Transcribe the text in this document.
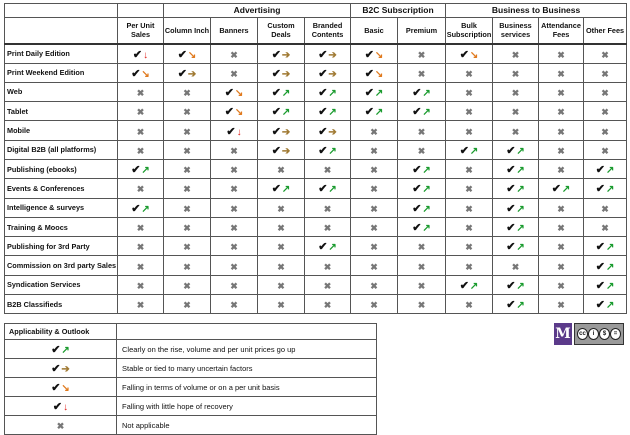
		Advertising				B2C Subscription		Business to Business			
	Per Unit Sales	Column Inch	Banners	Custom Deals	Branded Contents	Basic	Premium	Bulk Subscription	Business services	Attendance Fees	Other Fees
Print Daily Edition	✔↓	✔↘	✖	✔➔	✔➔	✔↘	✖	✔↘	✖	✖	✖
Print Weekend Edition	✔↘	✔➔	✖	✔➔	✔➔	✔↘	✖	✖	✖	✖	✖
Web	✖	✖	✔↘	✔↗	✔↗	✔↗	✔↗	✖	✖	✖	✖
Tablet	✖	✖	✔↘	✔↗	✔↗	✔↗	✔↗	✖	✖	✖	✖
Mobile	✖	✖	✔↓	✔➔	✔➔	✖	✖	✖	✖	✖	✖
Digital B2B (all platforms)	✖	✖	✖	✔➔	✔↗	✖	✖	✔↗	✔↗	✖	✖
Publishing (ebooks)	✔↗	✖	✖	✖	✖	✖	✔↗	✖	✔↗	✖	✔↗
Events & Conferences	✖	✖	✖	✔↗	✔↗	✖	✔↗	✖	✔↗	✔↗	✔↗
Intelligence & surveys	✔↗	✖	✖	✖	✖	✖	✔↗	✖	✔↗	✖	✖
Training & Moocs	✖	✖	✖	✖	✖	✖	✔↗	✖	✔↗	✖	✖
Publishing for 3rd Party	✖	✖	✖	✖	✔↗	✖	✖	✖	✔↗	✖	✔↗
Commission on 3rd party Sales	✖	✖	✖	✖	✖	✖	✖	✖	✖	✖	✔↗
Syndication Services	✖	✖	✖	✖	✖	✖	✖	✔↗	✔↗	✖	✔↗
B2B Classifieds	✖	✖	✖	✖	✖	✖	✖	✖	✔↗	✖	✔↗
Applicability & Outlook	
✔↗	Clearly on the rise, volume and per unit prices go up
✔➔	Stable or tied to many uncertain factors
✔↘	Falling in terms of volume or on a per unit basis
✔↓	Falling with little hope of recovery
✖	Not applicable
M	cc	i	$	=
